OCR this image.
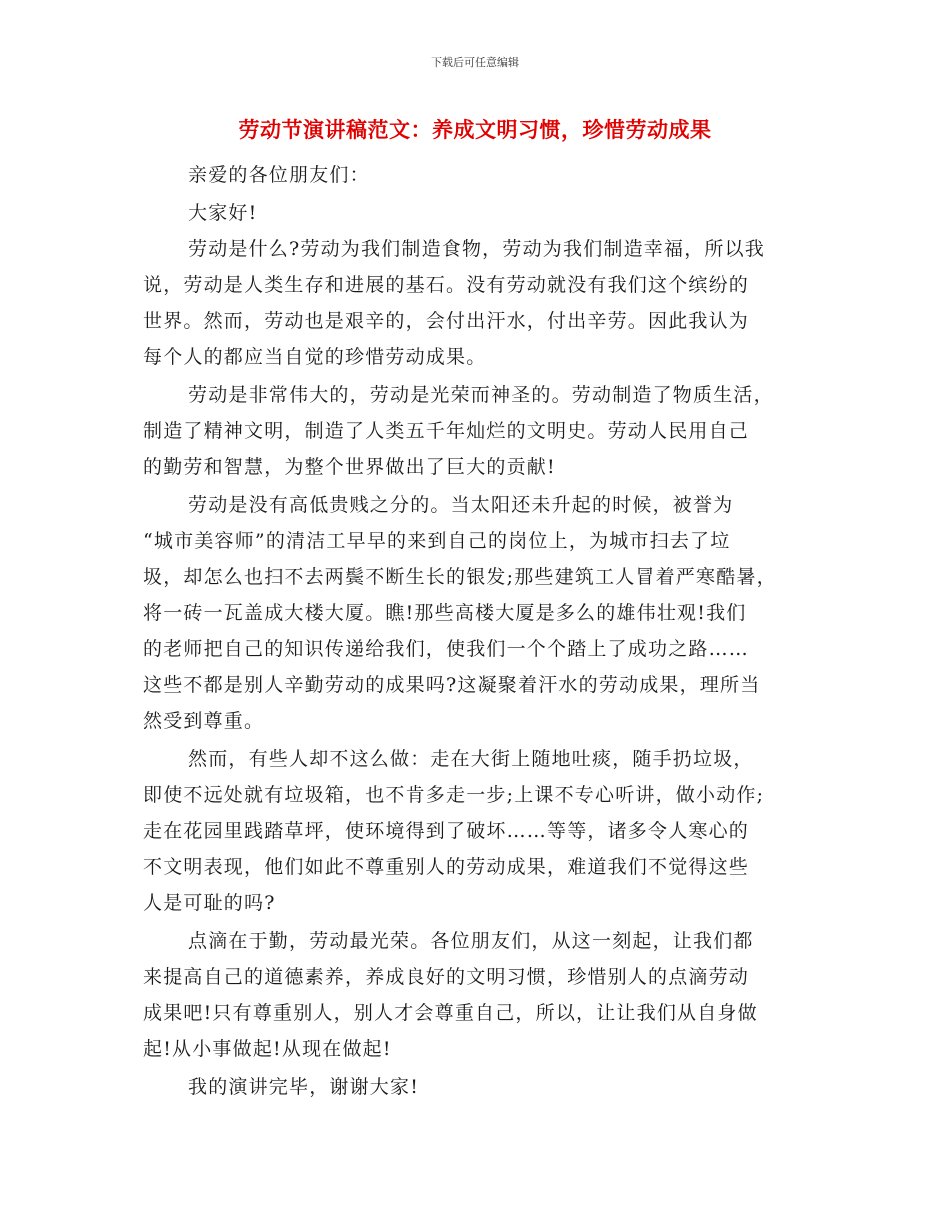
下载后可任意编辑
劳动节演讲稿范文：养成文明习惯，珍惜劳动成果
亲爱的各位朋友们：
大家好!
劳动是什么?劳动为我们制造食物，劳动为我们制造幸福，所以我
说，劳动是人类生存和进展的基石。没有劳动就没有我们这个缤纷的
世界。然而，劳动也是艰辛的，会付出汗水，付出辛劳。因此我认为
每个人的都应当自觉的珍惜劳动成果。
劳动是非常伟大的，劳动是光荣而神圣的。劳动制造了物质生活，
制造了精神文明，制造了人类五千年灿烂的文明史。劳动人民用自己
的勤劳和智慧，为整个世界做出了巨大的贡献!
劳动是没有高低贵贱之分的。当太阳还未升起的时候，被誉为
“城市美容师”的清洁工早早的来到自己的岗位上，为城市扫去了垃
圾，却怎么也扫不去两鬓不断生长的银发;那些建筑工人冒着严寒酷暑，
将一砖一瓦盖成大楼大厦。瞧!那些高楼大厦是多么的雄伟壮观!我们
的老师把自己的知识传递给我们，使我们一个个踏上了成功之路……
这些不都是别人辛勤劳动的成果吗?这凝聚着汗水的劳动成果，理所当
然受到尊重。
然而，有些人却不这么做：走在大街上随地吐痰，随手扔垃圾，
即使不远处就有垃圾箱，也不肯多走一步;上课不专心听讲，做小动作;
走在花园里践踏草坪，使环境得到了破坏……等等，诸多令人寒心的
不文明表现，他们如此不尊重别人的劳动成果，难道我们不觉得这些
人是可耻的吗?
点滴在于勤，劳动最光荣。各位朋友们，从这一刻起，让我们都
来提高自己的道德素养，养成良好的文明习惯，珍惜别人的点滴劳动
成果吧!只有尊重别人，别人才会尊重自己，所以，让让我们从自身做
起!从小事做起!从现在做起!
我的演讲完毕，谢谢大家!
